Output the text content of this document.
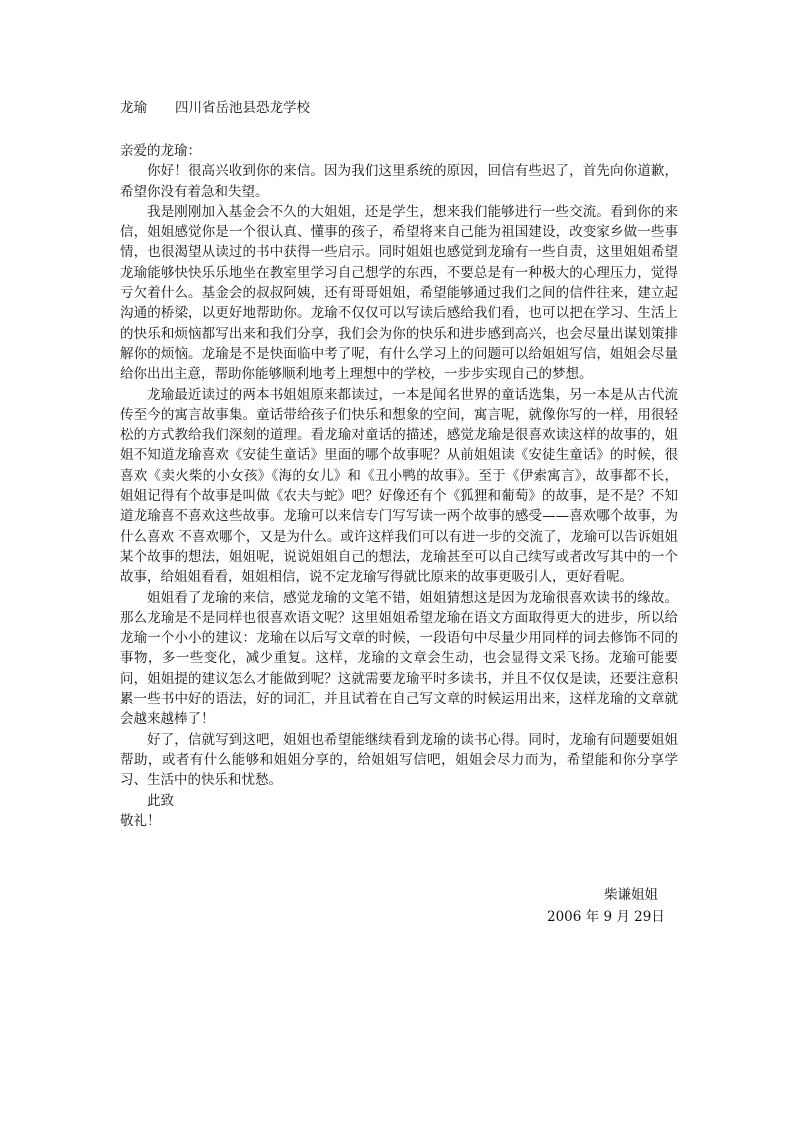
龙瑜 四川省岳池县恐龙学校

亲爱的龙瑜：

你好！很高兴收到你的来信。因为我们这里系统的原因，回信有些迟了，首先向你道歉，希望你没有着急和失望。

我是刚刚加入基金会不久的大姐姐，还是学生，想来我们能够进行一些交流。看到你的来信，姐姐感觉你是一个很认真、懂事的孩子，希望将来自己能为祖国建设，改变家乡做一些事情，也很渴望从读过的书中获得一些启示。同时姐姐也感觉到龙瑜有一些自责，这里姐姐希望龙瑜能够快快乐乐地坐在教室里学习自己想学的东西，不要总是有一种极大的心理压力，觉得亏欠着什么。基金会的叔叔阿姨，还有哥哥姐姐，希望能够通过我们之间的信件往来，建立起沟通的桥梁，以更好地帮助你。龙瑜不仅仅可以写读后感给我们看，也可以把在学习、生活上的快乐和烦恼都写出来和我们分享，我们会为你的快乐和进步感到高兴，也会尽量出谋划策排解你的烦恼。龙瑜是不是快面临中考了呢，有什么学习上的问题可以给姐姐写信，姐姐会尽量给你出出主意，帮助你能够顺利地考上理想中的学校，一步步实现自己的梦想。

龙瑜最近读过的两本书姐姐原来都读过，一本是闻名世界的童话选集，另一本是从古代流传至今的寓言故事集。童话带给孩子们快乐和想象的空间，寓言呢，就像你写的一样，用很轻松的方式教给我们深刻的道理。看龙瑜对童话的描述，感觉龙瑜是很喜欢读这样的故事的，姐姐不知道龙瑜喜欢《安徒生童话》里面的哪个故事呢？从前姐姐读《安徒生童话》的时候，很喜欢《卖火柴的小女孩》《海的女儿》和《丑小鸭的故事》。至于《伊索寓言》，故事都不长，姐姐记得有个故事是叫做《农夫与蛇》吧？好像还有个《狐狸和葡萄》的故事，是不是？不知道龙瑜喜不喜欢这些故事。龙瑜可以来信专门写写读一两个故事的感受——喜欢哪个故事，为什么喜欢 不喜欢哪个，又是为什么。或许这样我们可以有进一步的交流了，龙瑜可以告诉姐姐某个故事的想法，姐姐呢，说说姐姐自己的想法，龙瑜甚至可以自己续写或者改写其中的一个故事，给姐姐看看，姐姐相信，说不定龙瑜写得就比原来的故事更吸引人，更好看呢。

姐姐看了龙瑜的来信，感觉龙瑜的文笔不错，姐姐猜想这是因为龙瑜很喜欢读书的缘故。那么龙瑜是不是同样也很喜欢语文呢？这里姐姐希望龙瑜在语文方面取得更大的进步，所以给龙瑜一个小小的建议：龙瑜在以后写文章的时候，一段语句中尽量少用同样的词去修饰不同的事物，多一些变化，减少重复。这样，龙瑜的文章会生动，也会显得文采飞扬。龙瑜可能要问，姐姐提的建议怎么才能做到呢？这就需要龙瑜平时多读书，并且不仅仅是读，还要注意积累一些书中好的语法，好的词汇，并且试着在自己写文章的时候运用出来，这样龙瑜的文章就会越来越棒了！

好了，信就写到这吧，姐姐也希望能继续看到龙瑜的读书心得。同时，龙瑜有问题要姐姐帮助，或者有什么能够和姐姐分享的，给姐姐写信吧，姐姐会尽力而为，希望能和你分享学习、生活中的快乐和忧愁。

此致

敬礼！

柴谦姐姐
2006 年 9 月 29日
